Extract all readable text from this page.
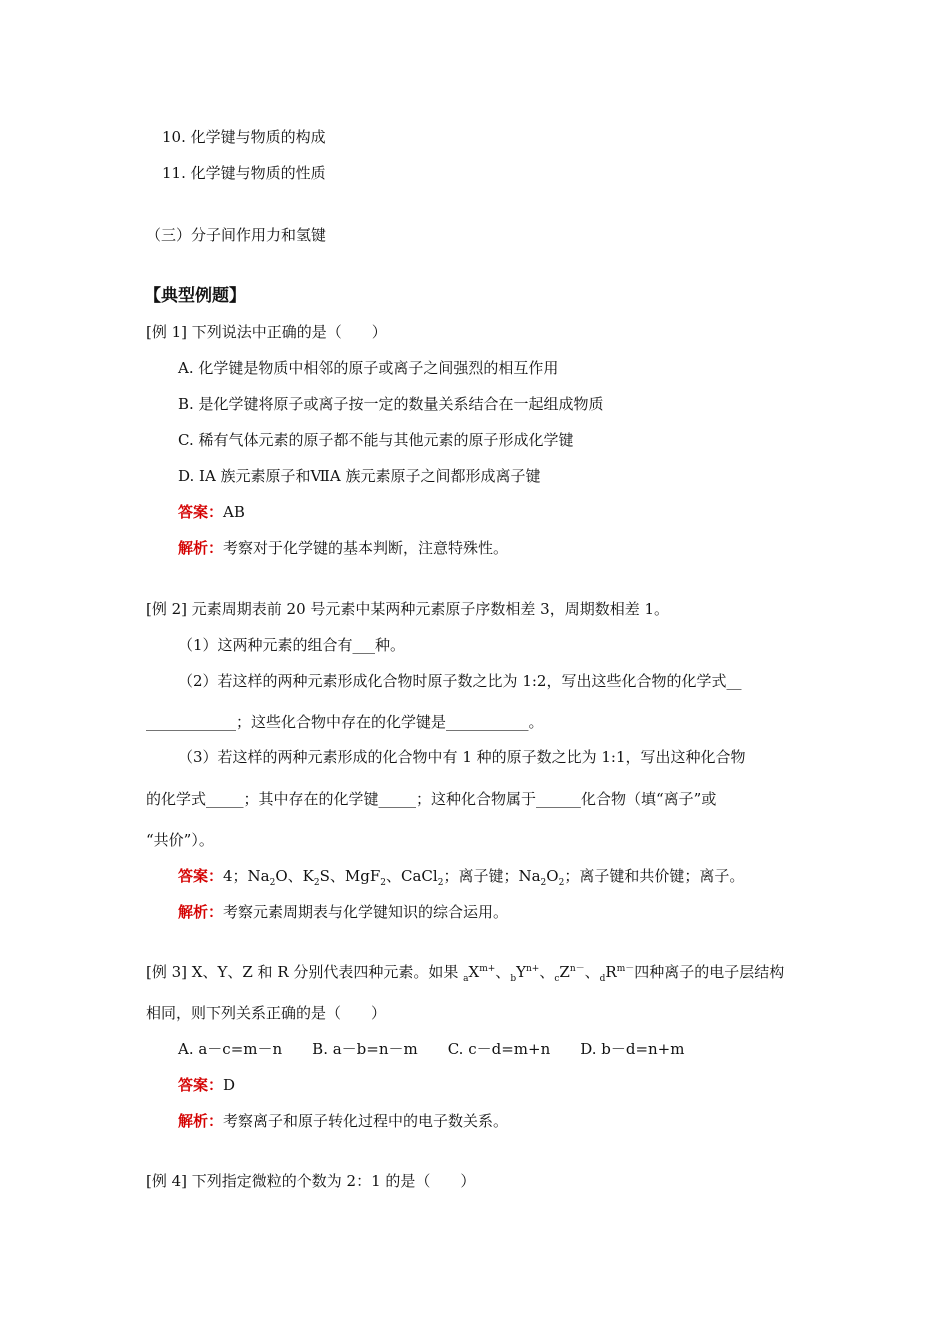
10. 化学键与物质的构成
11. 化学键与物质的性质
（三）分子间作用力和氢键
【典型例题】
[例 1] 下列说法中正确的是（　　）
A. 化学键是物质中相邻的原子或离子之间强烈的相互作用
B. 是化学键将原子或离子按一定的数量关系结合在一起组成物质
C. 稀有气体元素的原子都不能与其他元素的原子形成化学键
D. IA 族元素原子和ⅦA 族元素原子之间都形成离子键
答案：AB
解析：考察对于化学键的基本判断，注意特殊性。
[例 2] 元素周期表前 20 号元素中某两种元素原子序数相差 3，周期数相差 1。
（1）这两种元素的组合有___种。
（2）若这样的两种元素形成化合物时原子数之比为 1:2，写出这些化合物的化学式__
____________；这些化合物中存在的化学键是___________。
（3）若这样的两种元素形成的化合物中有 1 种的原子数之比为 1:1，写出这种化合物
的化学式_____；其中存在的化学键_____；这种化合物属于______化合物（填“离子”或
“共价”）。
答案：4；$Na_2O$、$K_2S$、MgF$_2$、CaCl$_2$；离子键；$Na_2O_2$；离子键和共价键；离子。
解析：考察元素周期表与化学键知识的综合运用。
[例 3] X、Y、Z 和 R 分别代表四种元素。如果 $_aX^{m+}$、$_bY^{n+}$、$_cZ^{n-}$、$_dR^{m-}$四种离子的电子层结构
相同，则下列关系正确的是（　　）
A. a－c=m－n　　B. a－b=n－m　　C. c－d=m+n　　D. b－d=n+m
答案：D
解析：考察离子和原子转化过程中的电子数关系。
[例 4] 下列指定微粒的个数为 2：1 的是（　　）
